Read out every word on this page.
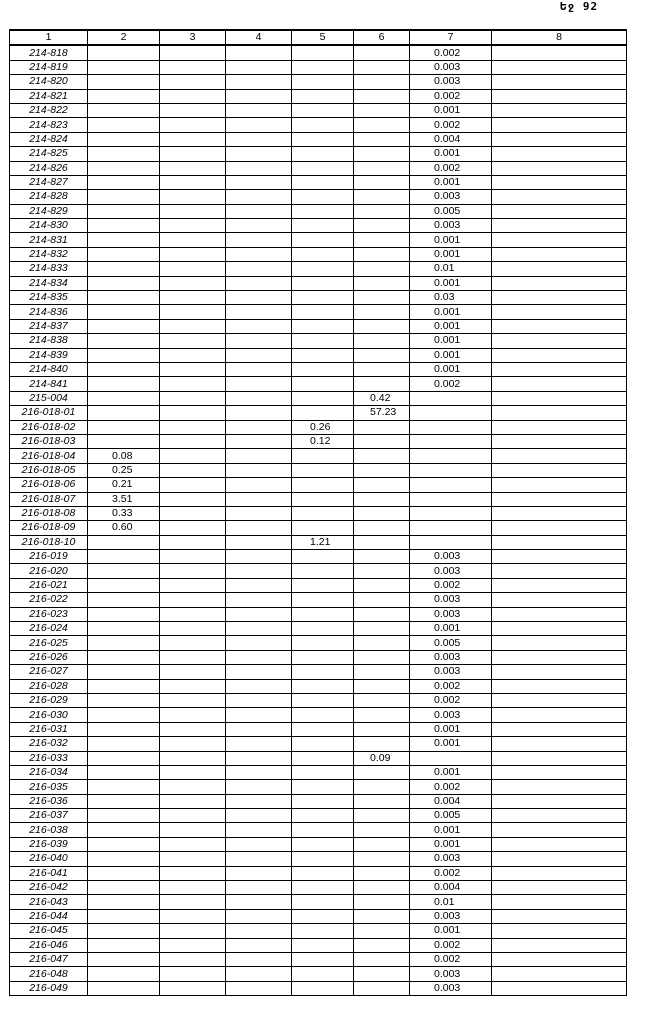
Եջ 92
1	2	3	4	5	6	7	8
214-818						0.002	
214-819						0.003	
214-820						0.003	
214-821						0.002	
214-822						0.001	
214-823						0.002	
214-824						0.004	
214-825						0.001	
214-826						0.002	
214-827						0.001	
214-828						0.003	
214-829						0.005	
214-830						0.003	
214-831						0.001	
214-832						0.001	
214-833						0.01	
214-834						0.001	
214-835						0.03	
214-836						0.001	
214-837						0.001	
214-838						0.001	
214-839						0.001	
214-840						0.001	
214-841						0.002	
215-004					0.42		
216-018-01					57.23		
216-018-02				0.26			
216-018-03				0.12			
216-018-04	0.08						
216-018-05	0.25						
216-018-06	0.21						
216-018-07	3.51						
216-018-08	0.33						
216-018-09	0.60						
216-018-10				1.21			
216-019						0.003	
216-020						0.003	
216-021						0.002	
216-022						0.003	
216-023						0.003	
216-024						0.001	
216-025						0.005	
216-026						0.003	
216-027						0.003	
216-028						0.002	
216-029						0.002	
216-030						0.003	
216-031						0.001	
216-032						0.001	
216-033					0.09		
216-034						0.001	
216-035						0.002	
216-036						0.004	
216-037						0.005	
216-038						0.001	
216-039						0.001	
216-040						0.003	
216-041						0.002	
216-042						0.004	
216-043						0.01	
216-044						0.003	
216-045						0.001	
216-046						0.002	
216-047						0.002	
216-048						0.003	
216-049						0.003	
